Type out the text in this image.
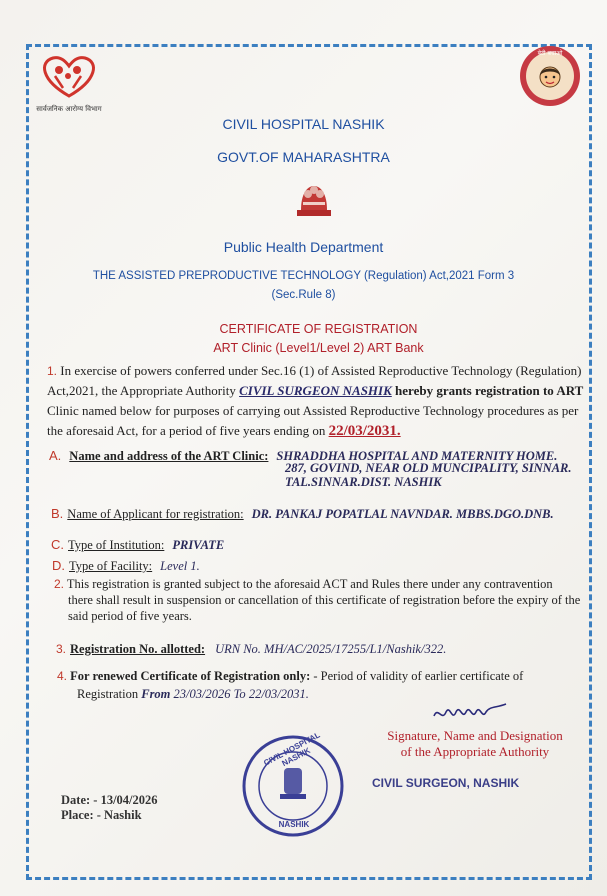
सार्वजनिक आरोग्य विभाग
बेटी बचाओ
CIVIL HOSPITAL NASHIK
GOVT.OF MAHARASHTRA
Public Health Department
THE ASSISTED PREPRODUCTIVE TECHNOLOGY (Regulation) Act,2021 Form 3
(Sec.Rule 8)
CERTIFICATE OF REGISTRATION
ART Clinic (Level1/Level 2) ART Bank
1. In exercise of powers conferred under Sec.16 (1) of Assisted Reproductive Technology (Regulation)
Act,2021, the Appropriate Authority CIVIL SURGEON NASHIK hereby grants registration to ART
Clinic named below for purposes of carrying out Assisted Reproductive Technology procedures as per
the aforesaid Act, for a period of five years ending on 22/03/2031.
A. Name and address of the ART Clinic: SHRADDHA HOSPITAL AND MATERNITY HOME.
287, GOVIND, NEAR OLD MUNCIPALITY, SINNAR.
TAL.SINNAR.DIST. NASHIK
B. Name of Applicant for registration: DR. PANKAJ POPATLAL NAVNDAR. MBBS.DGO.DNB.
C. Type of Institution: PRIVATE
D. Type of Facility: Level 1.
2. This registration is granted subject to the aforesaid ACT and Rules there under any contravention
there shall result in suspension or cancellation of this certificate of registration before the expiry of the
said period of five years.
3. Registration No. allotted: URN No. MH/AC/2025/17255/L1/Nashik/322.
4. For renewed Certificate of Registration only: - Period of validity of earlier certificate of
Registration From 23/03/2026 To 22/03/2031.
Signature, Name and Designation
of the Appropriate Authority
CIVIL SURGEON, NASHIK
CIVIL HOSPITAL NASHIK
NASHIK
Date: - 13/04/2026
Place: - Nashik
